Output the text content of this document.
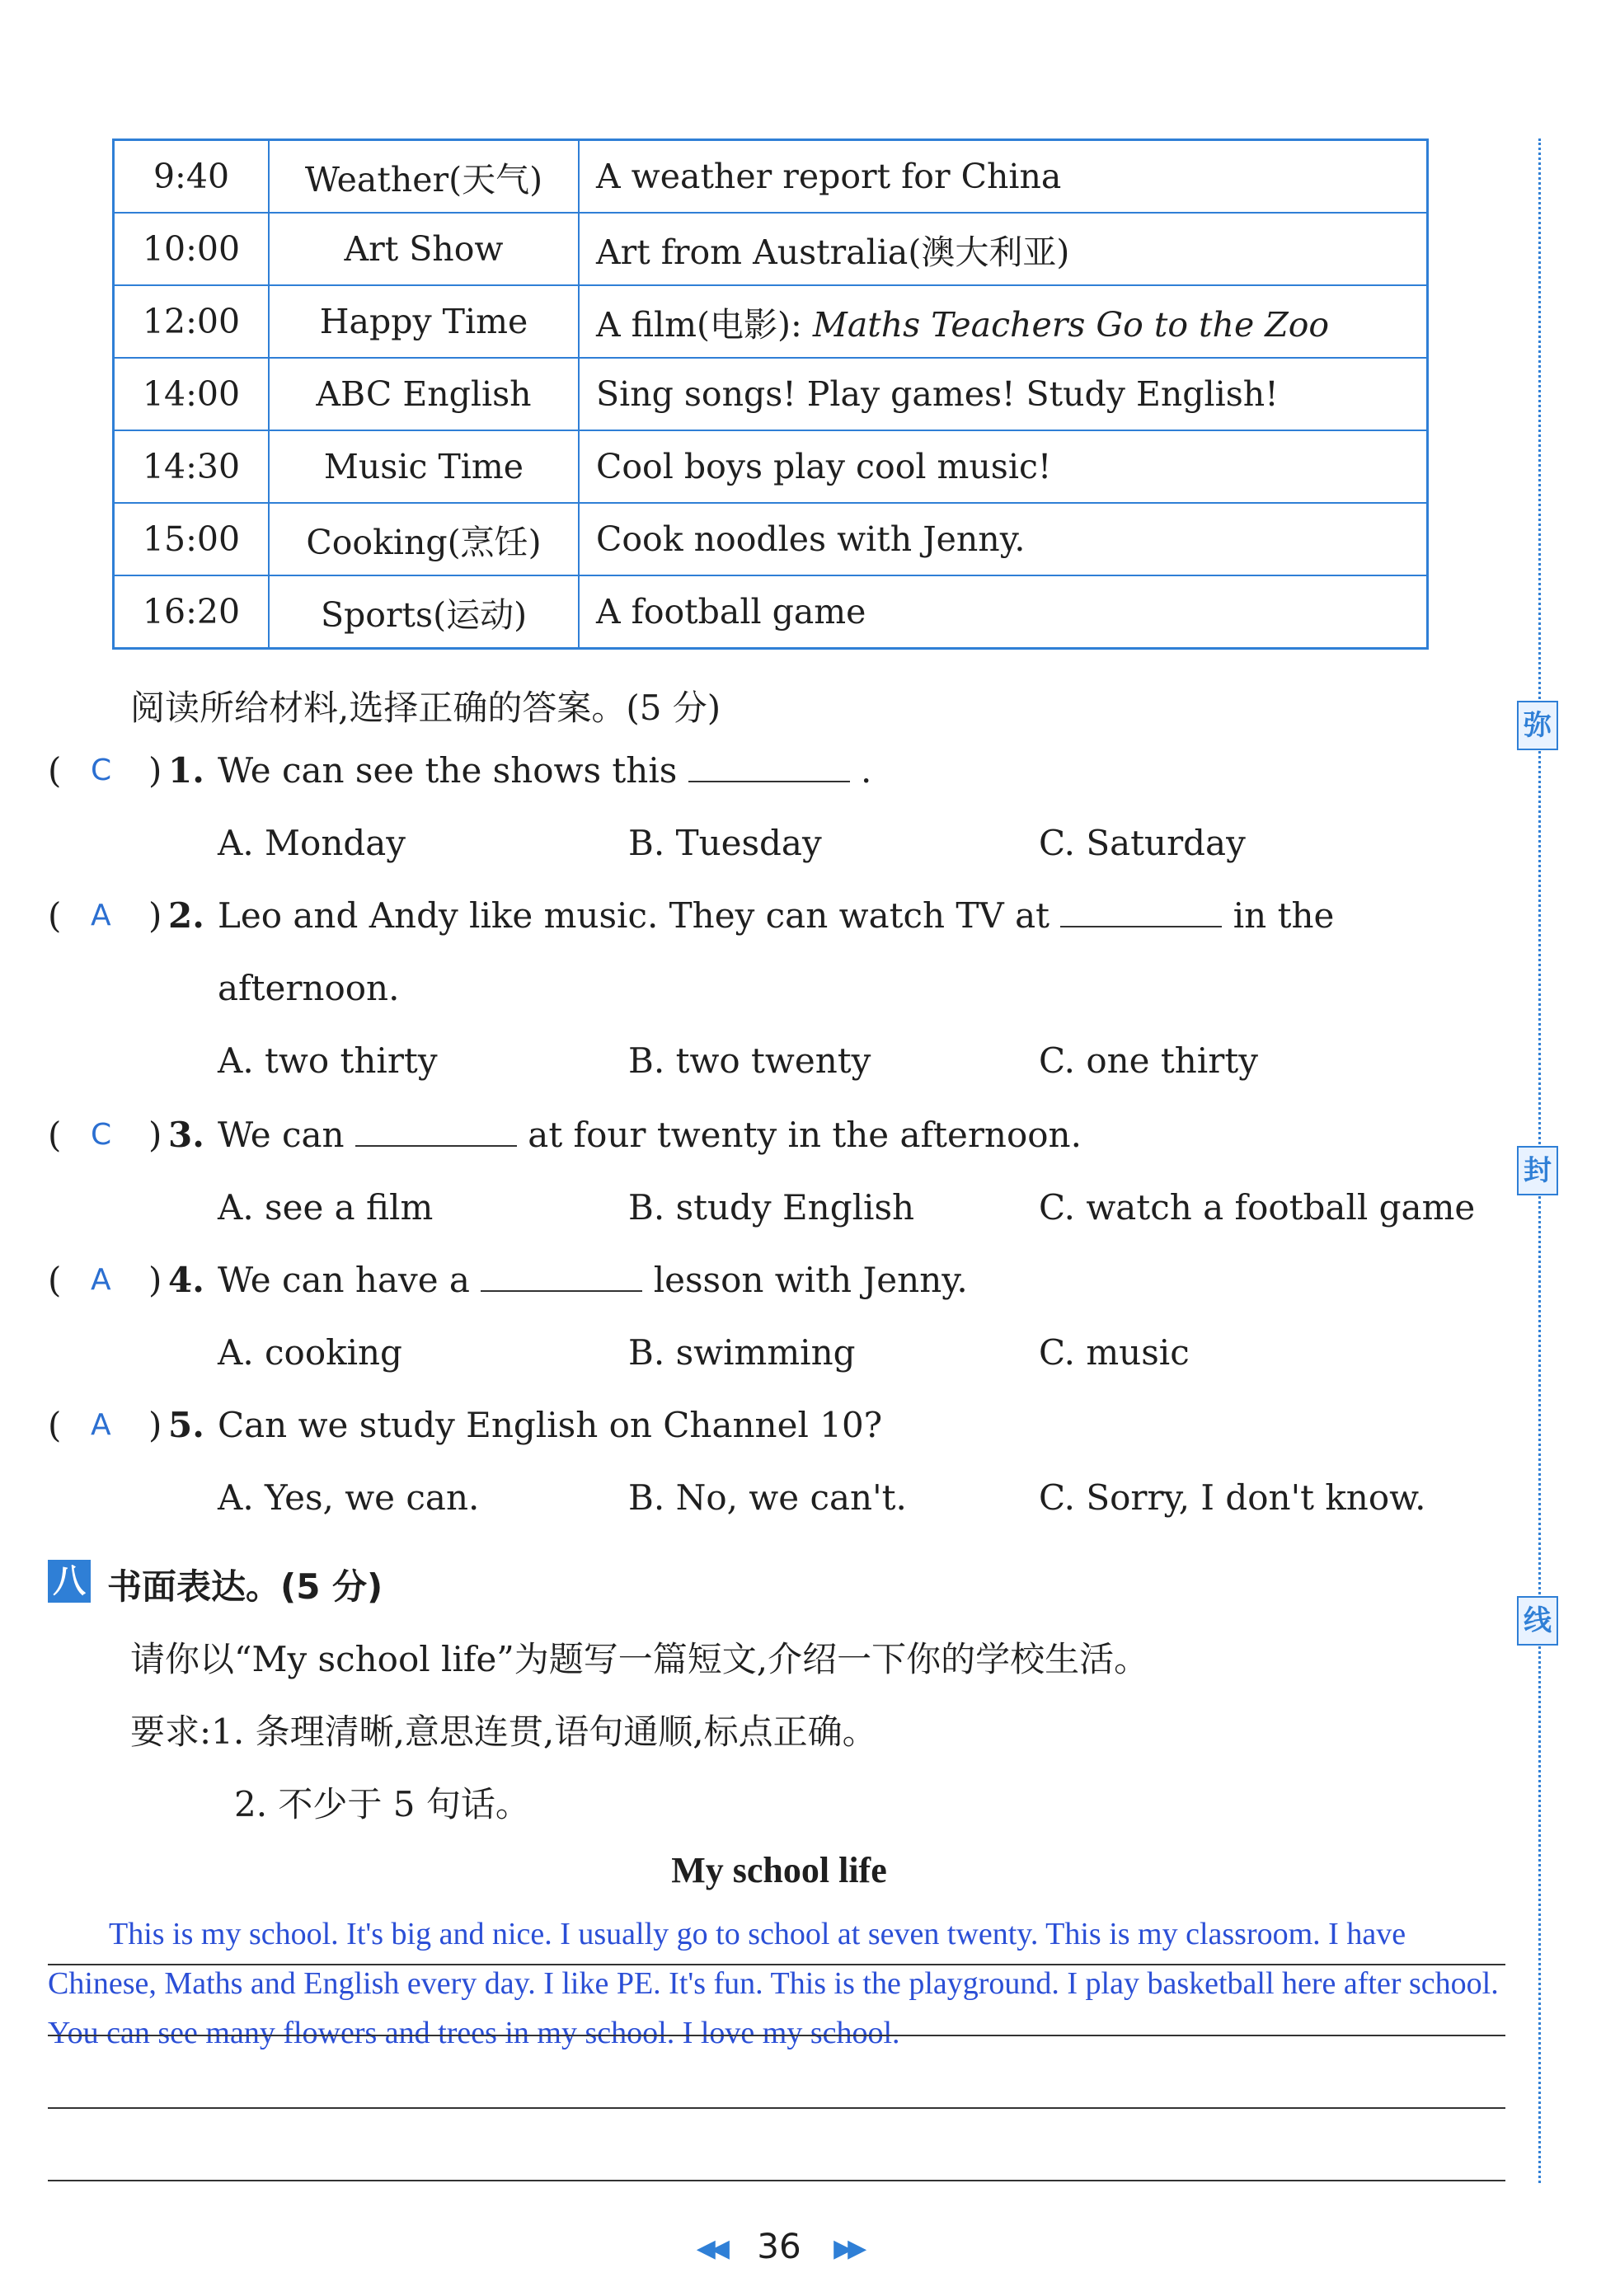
9:40	Weather(天气)	A weather report for China
10:00	Art Show	Art from Australia(澳大利亚)
12:00	Happy Time	A film(电影): Maths Teachers Go to the Zoo
14:00	ABC English	Sing songs! Play games! Study English!
14:30	Music Time	Cool boys play cool music!
15:00	Cooking(烹饪)	Cook noodles with Jenny.
16:20	Sports(运动)	A football game
阅读所给材料,选择正确的答案。(5 分)
( C ) 1. We can see the shows this	.
A. Monday	B. Tuesday	C. Saturday
( A ) 2. Leo and Andy like music. They can watch TV at	in the
afternoon.
A. two thirty	B. two twenty	C. one thirty
( C ) 3. We can	at four twenty in the afternoon.
A. see a film	B. study English	C. watch a football game
( A ) 4. We can have a	lesson with Jenny.
A. cooking	B. swimming	C. music
( A ) 5. Can we study English on Channel 10?
A. Yes, we can.	B. No, we can't.	C. Sorry, I don't know.
八 书面表达。(5 分)
请你以“My school life”为题写一篇短文,介绍一下你的学校生活。
要求:1. 条理清晰,意思连贯,语句通顺,标点正确。
2. 不少于 5 句话。
My school life
This is my school. It's big and nice. I usually go to school at seven twenty. This is my classroom. I have Chinese, Maths and English every day. I like PE. It's fun. This is the playground. I play basketball here after school. You can see many flowers and trees in my school. I love my school.
弥
封
线
◀◀ 36 ▶▶
